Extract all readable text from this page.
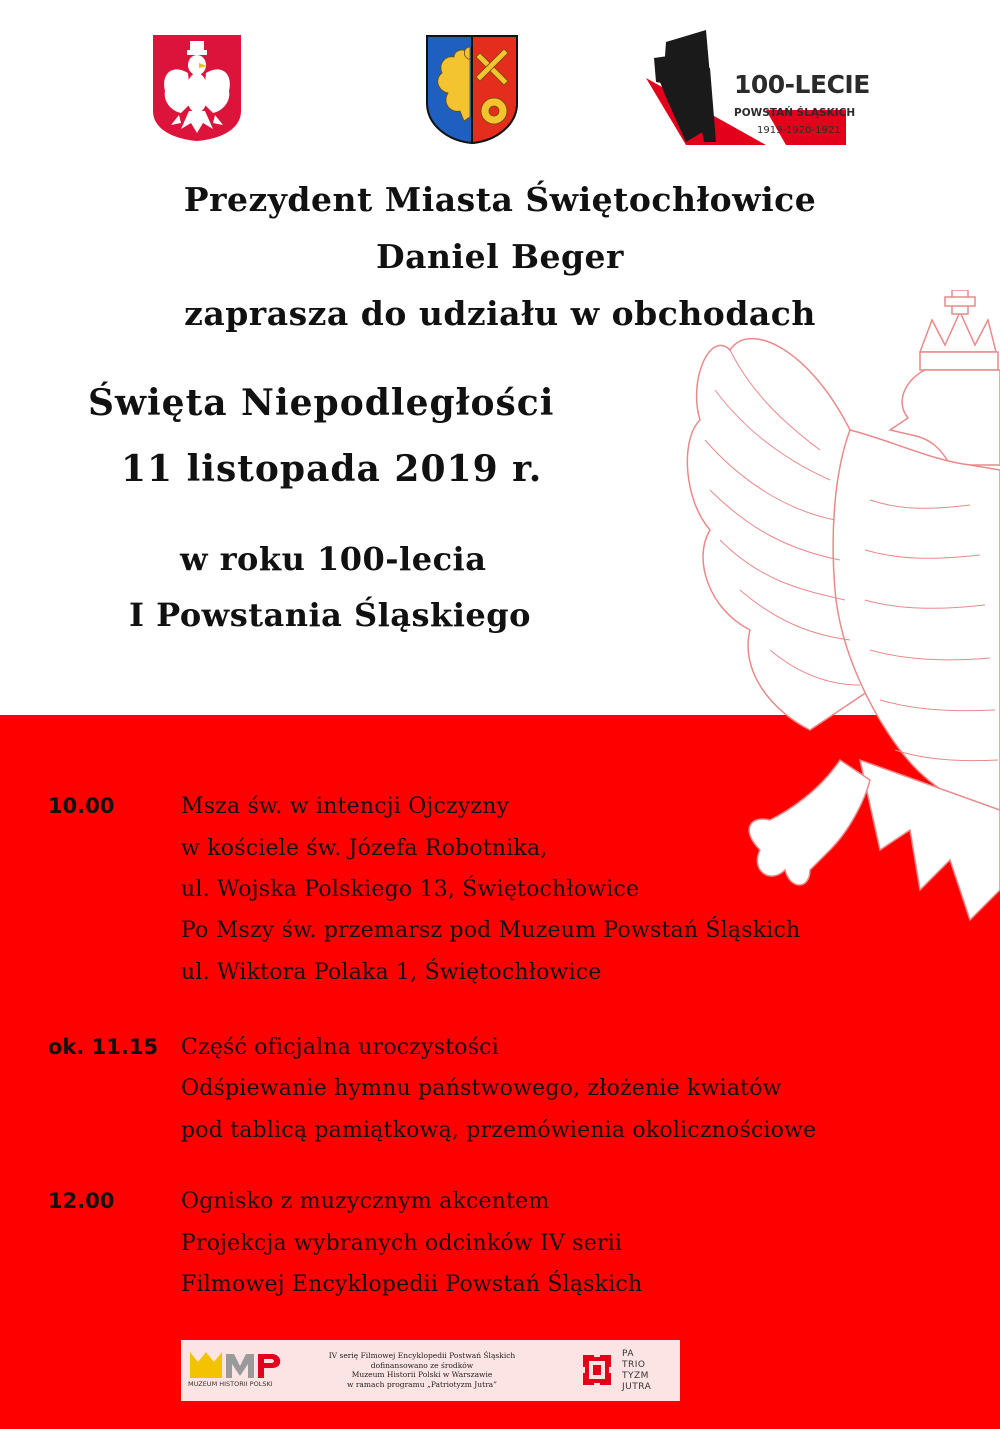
100-LECIE
POWSTAŃ ŚLĄSKICH
1919-1920-1921
Prezydent Miasta Świętochłowice
Daniel Beger
zaprasza do udziału w obchodach
Święta Niepodległości
11 listopada 2019 r.
w roku 100-lecia
I Powstania Śląskiego
10.00	Msza św. w intencji Ojczyzny
w kościele św. Józefa Robotnika,
ul. Wojska Polskiego 13, Świętochłowice
Po Mszy św. przemarsz pod Muzeum Powstań Śląskich
ul. Wiktora Polaka 1, Świętochłowice
ok. 11.15 Część oficjalna uroczystości
Odśpiewanie hymnu państwowego, złożenie kwiatów
pod tablicą pamiątkową, przemówienia okolicznościowe
12.00	Ognisko z muzycznym akcentem
Projekcja wybranych odcinków IV serii
Filmowej Encyklopedii Powstań Śląskich
MUZEUM HISTORII POLSKI
IV serię Filmowej Encyklopedii Postwań Śląskich
dofinansowano ze środków
Muzeum Historii Polski w Warszawie
w ramach programu „Patriotyzm Jutra”
PA
TRIO
TYZM
JUTRA
